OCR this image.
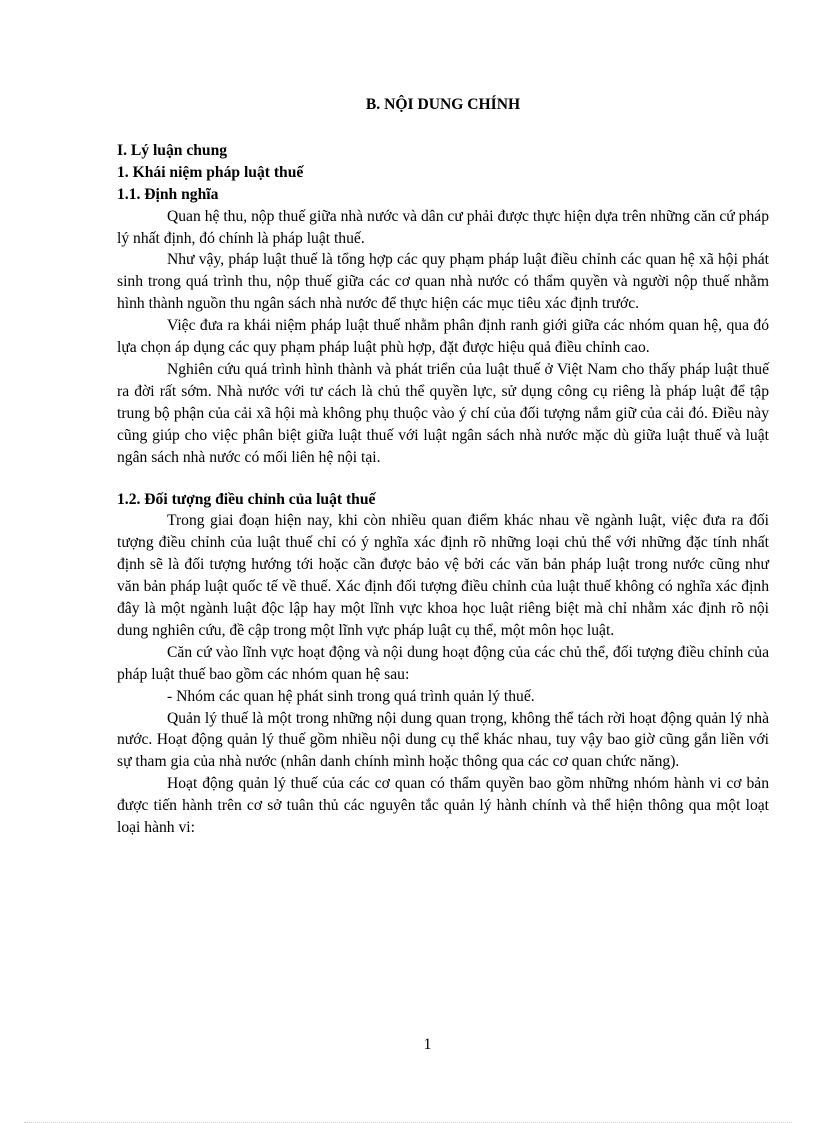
B. NỘI DUNG CHÍNH
I. Lý luận chung
1. Khái niệm pháp luật thuế
1.1. Định nghĩa

Quan hệ thu, nộp thuế giữa nhà nước và dân cư phải được thực hiện dựa trên những căn cứ pháp lý nhất định, đó chính là pháp luật thuế.

Như vậy, pháp luật thuế là tổng hợp các quy phạm pháp luật điều chỉnh các quan hệ xã hội phát sinh trong quá trình thu, nộp thuế giữa các cơ quan nhà nước có thẩm quyền và người nộp thuế nhằm hình thành nguồn thu ngân sách nhà nước để thực hiện các mục tiêu xác định trước.

Việc đưa ra khái niệm pháp luật thuế nhằm phân định ranh giới giữa các nhóm quan hệ, qua đó lựa chọn áp dụng các quy phạm pháp luật phù hợp, đặt được hiệu quả điều chỉnh cao.

Nghiên cứu quá trình hình thành và phát triển của luật thuế ở Việt Nam cho thấy pháp luật thuế ra đời rất sớm. Nhà nước với tư cách là chủ thể quyền lực, sử dụng công cụ riêng là pháp luật để tập trung bộ phận của cải xã hội mà không phụ thuộc vào ý chí của đối tượng nắm giữ của cải đó. Điều này cũng giúp cho việc phân biệt giữa luật thuế với luật ngân sách nhà nước mặc dù giữa luật thuế và luật ngân sách nhà nước có mối liên hệ nội tại.

1.2. Đối tượng điều chỉnh của luật thuế

Trong giai đoạn hiện nay, khi còn nhiều quan điểm khác nhau về ngành luật, việc đưa ra đối tượng điều chỉnh của luật thuế chỉ có ý nghĩa xác định rõ những loại chủ thể với những đặc tính nhất định sẽ là đối tượng hướng tới hoặc cần được bảo vệ bởi các văn bản pháp luật trong nước cũng như văn bản pháp luật quốc tế về thuế. Xác định đối tượng điều chỉnh của luật thuế không có nghĩa xác định đây là một ngành luật độc lập hay một lĩnh vực khoa học luật riêng biệt mà chỉ nhằm xác định rõ nội dung nghiên cứu, đề cập trong một lĩnh vực pháp luật cụ thể, một môn học luật.

Căn cứ vào lĩnh vực hoạt động và nội dung hoạt động của các chủ thể, đối tượng điều chỉnh của pháp luật thuế bao gồm các nhóm quan hệ sau:

- Nhóm các quan hệ phát sinh trong quá trình quản lý thuế.

Quản lý thuế là một trong những nội dung quan trọng, không thể tách rời hoạt động quản lý nhà nước. Hoạt động quản lý thuế gồm nhiều nội dung cụ thể khác nhau, tuy vậy bao giờ cũng gắn liền với sự tham gia của nhà nước (nhân danh chính mình hoặc thông qua các cơ quan chức năng).

Hoạt động quản lý thuế của các cơ quan có thẩm quyền bao gồm những nhóm hành vi cơ bản được tiến hành trên cơ sở tuân thủ các nguyên tắc quản lý hành chính và thể hiện thông qua một loạt loại hành vi:

1
